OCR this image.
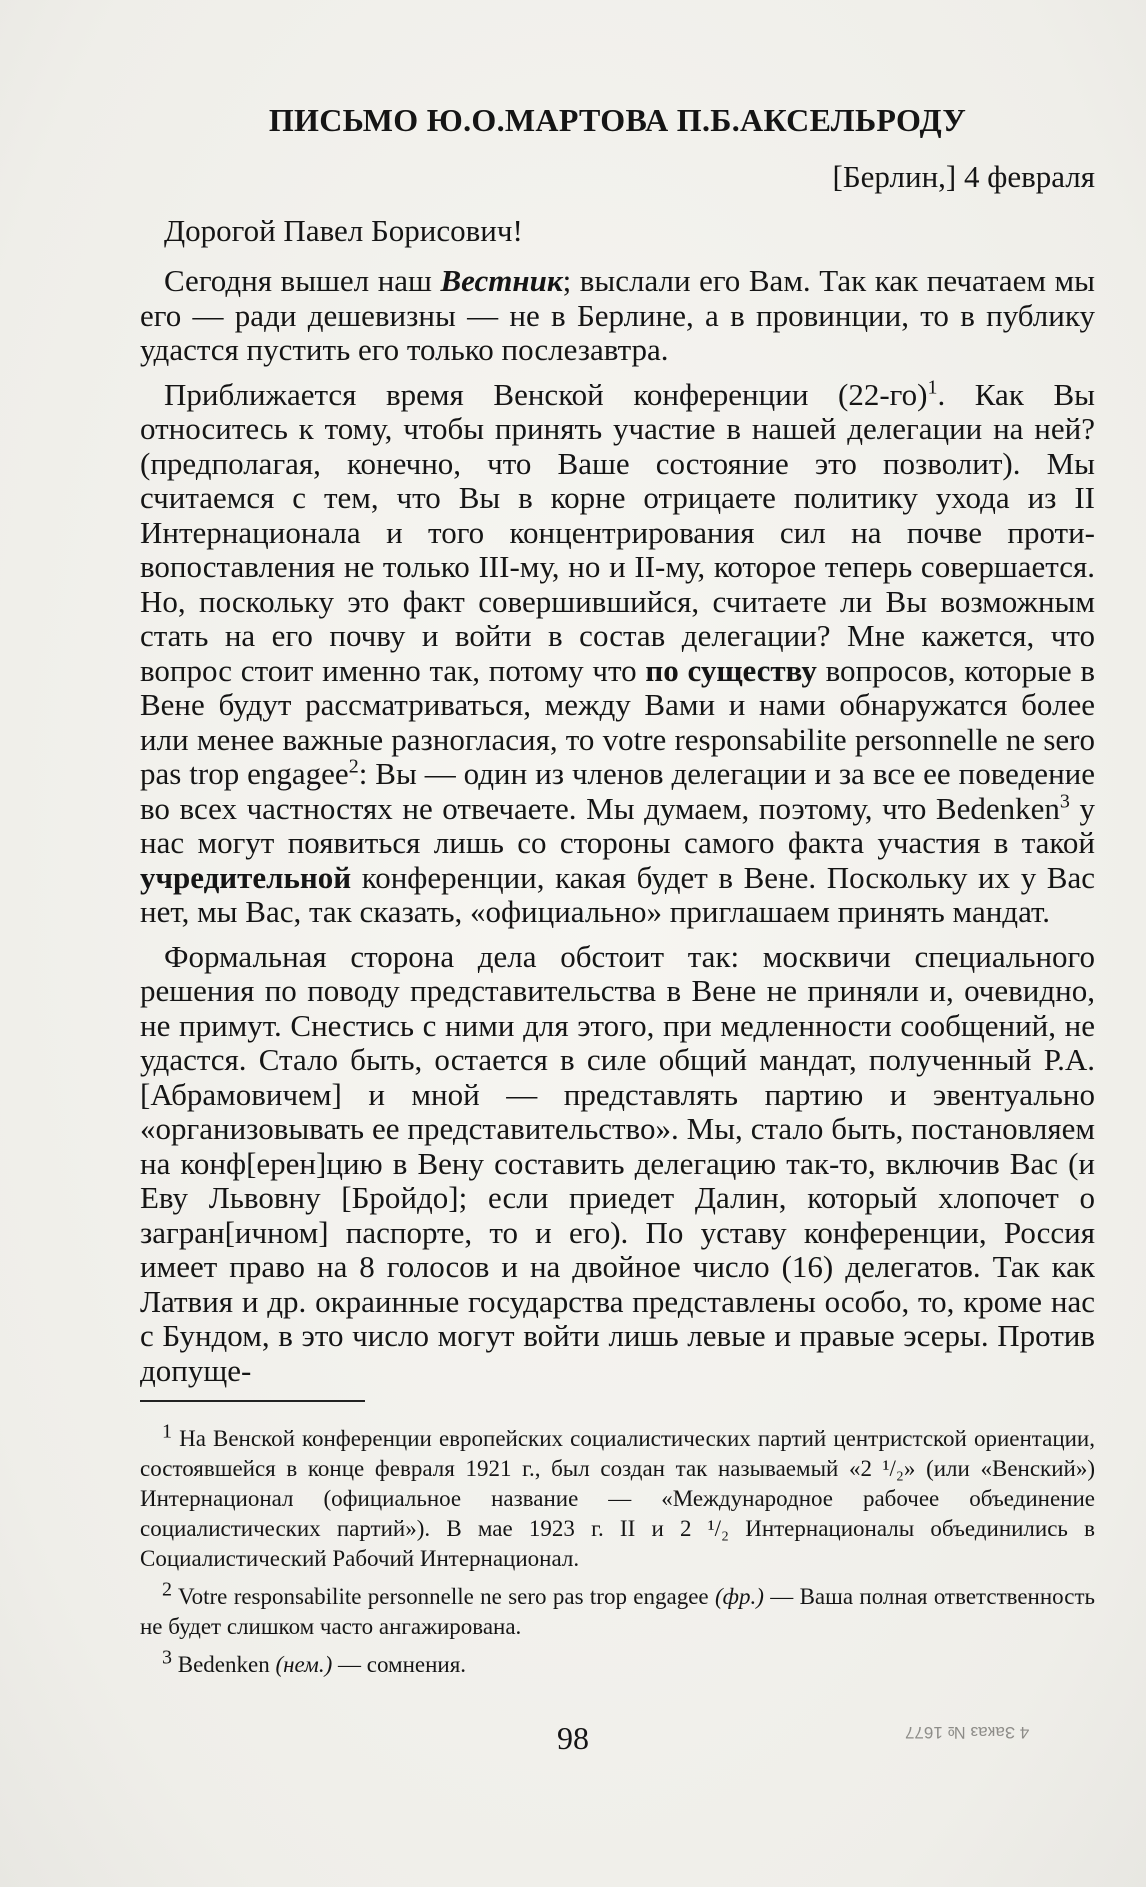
ПИСЬМО Ю.О.МАРТОВА П.Б.АКСЕЛЬРОДУ
[Берлин,] 4 февраля
Дорогой Павел Борисович!

Сегодня вышел наш Вестник; выслали его Вам. Так как печатаем мы его — ради дешевизны — не в Берлине, а в провинции, то в публику удастся пустить его только послезавтра.

Приближается время Венской конференции $(22-го)^1$. Как Вы относитесь к тому, чтобы принять участие в нашей делегации на ней? (предполагая, конечно, что Ваше состояние это позволит). Мы считаемся с тем, что Вы в корне отрицаете политику ухода из II Интернационала и того концентрирования сил на почве противопоставления не только III-му, но и II-му, которое теперь совершается. Но, поскольку это факт совершившийся, считаете ли Вы возможным стать на его почву и войти в состав делегации? Мне кажется, что вопрос стоит именно так, потому что по существу вопросов, которые в Вене будут рассматриваться, между Вами и нами обнаружатся более или менее важные разногласия, то votre responsabilite personnelle ne sero pas trop engagee$^2$: Вы — один из членов делегации и за все ее поведение во всех частностях не отвечаете. Мы думаем, поэтому, что Bedenken$^3$ у нас могут появиться лишь со стороны самого факта участия в такой учредительной конференции, какая будет в Вене. Поскольку их у Вас нет, мы Вас, так сказать, «официально» приглашаем принять мандат.

Формальная сторона дела обстоит так: москвичи специального решения по поводу представительства в Вене не приняли и, очевидно, не примут. Снестись с ними для этого, при медленности сообщений, не удастся. Стало быть, остается в силе общий мандат, полученный Р.А.[Абрамовичем] и мной — представлять партию и эвентуально «организовывать ее представительство». Мы, стало быть, постановляем на конф[ерен]цию в Вену составить делегацию так-то, включив Вас (и Еву Львовну [Бройдо]; если приедет Далин, который хлопочет о загран[ичном] паспорте, то и его). По уставу конференции, Россия имеет право на 8 голосов и на двойное число (16) делегатов. Так как Латвия и др. окраинные государства представлены особо, то, кроме нас с Бундом, в это число могут войти лишь левые и правые эсеры. Против допуще-

$^1$ На Венской конференции европейских социалистических партий центристской ориентации, состоявшейся в конце февраля 1921 г., был создан так называемый «2 ¹/₂» (или «Венский») Интернационал (официальное название — «Международное рабочее объединение социалистических партий»). В мае 1923 г. II и 2 ¹/₂ Интернационалы объединились в Социалистический Рабочий Интернационал.

$^2$ Votre responsabilite personnelle ne sero pas trop engagee (фр.) — Ваша полная ответственность не будет слишком часто ангажирована.

$^3$ Bedenken (нем.) — сомнения.

98	4 Заказ № 1677
